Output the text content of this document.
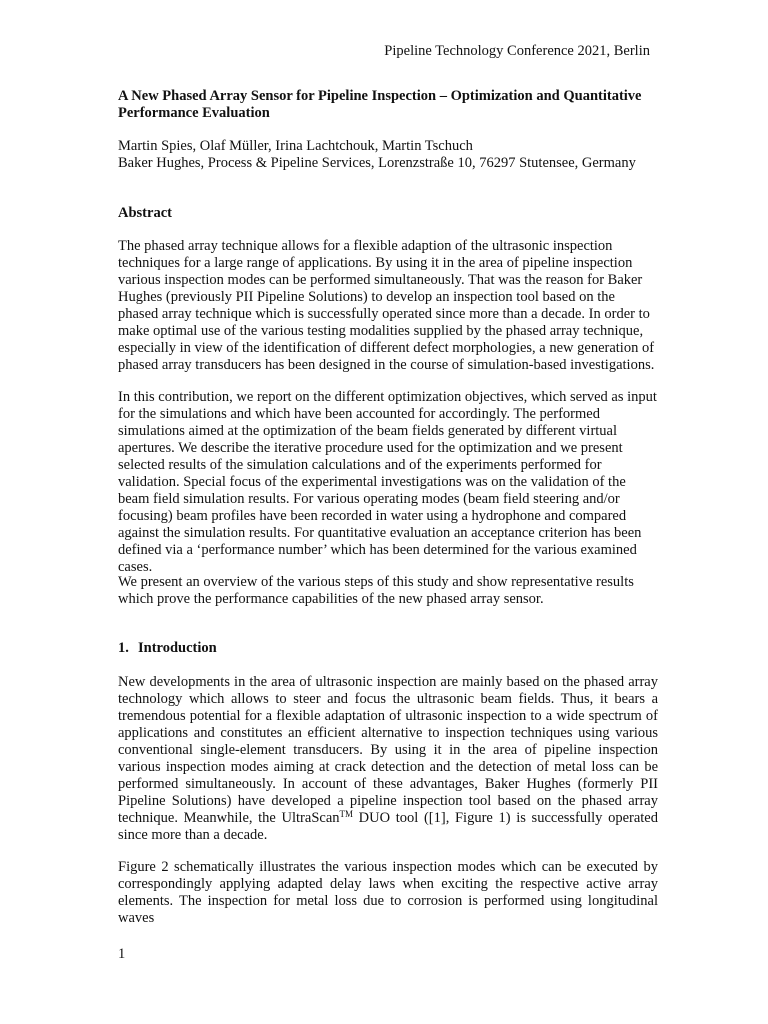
Pipeline Technology Conference 2021, Berlin
A New Phased Array Sensor for Pipeline Inspection – Optimization and Quantitative Performance Evaluation
Martin Spies, Olaf Müller, Irina Lachtchouk, Martin Tschuch
Baker Hughes, Process & Pipeline Services, Lorenzstraße 10, 76297 Stutensee, Germany
Abstract

The phased array technique allows for a flexible adaption of the ultrasonic inspection techniques for a large range of applications. By using it in the area of pipeline inspection various inspection modes can be performed simultaneously. That was the reason for Baker Hughes (previously PII Pipeline Solutions) to develop an inspection tool based on the phased array technique which is successfully operated since more than a decade. In order to make optimal use of the various testing modalities supplied by the phased array technique, especially in view of the identification of different defect morphologies, a new generation of phased array transducers has been designed in the course of simulation-based investigations.

In this contribution, we report on the different optimization objectives, which served as input for the simulations and which have been accounted for accordingly. The performed simulations aimed at the optimization of the beam fields generated by different virtual apertures. We describe the iterative procedure used for the optimization and we present selected results of the simulation calculations and of the experiments performed for validation. Special focus of the experimental investigations was on the validation of the beam field simulation results. For various operating modes (beam field steering and/or focusing) beam profiles have been recorded in water using a hydrophone and compared against the simulation results. For quantitative evaluation an acceptance criterion has been defined via a ‘performance number’ which has been determined for the various examined cases.

We present an overview of the various steps of this study and show representative results which prove the performance capabilities of the new phased array sensor.

1. Introduction

New developments in the area of ultrasonic inspection are mainly based on the phased array technology which allows to steer and focus the ultrasonic beam fields. Thus, it bears a tremendous potential for a flexible adaptation of ultrasonic inspection to a wide spectrum of applications and constitutes an efficient alternative to inspection techniques using various conventional single-element transducers. By using it in the area of pipeline inspection various inspection modes aiming at crack detection and the detection of metal loss can be performed simultaneously. In account of these advantages, Baker Hughes (formerly PII Pipeline Solutions) have developed a pipeline inspection tool based on the phased array technique. Meanwhile, the UltraScan™ DUO tool ([1], Figure 1) is successfully operated since more than a decade.

Figure 2 schematically illustrates the various inspection modes which can be executed by correspondingly applying adapted delay laws when exciting the respective active array elements. The inspection for metal loss due to corrosion is performed using longitudinal waves

1
